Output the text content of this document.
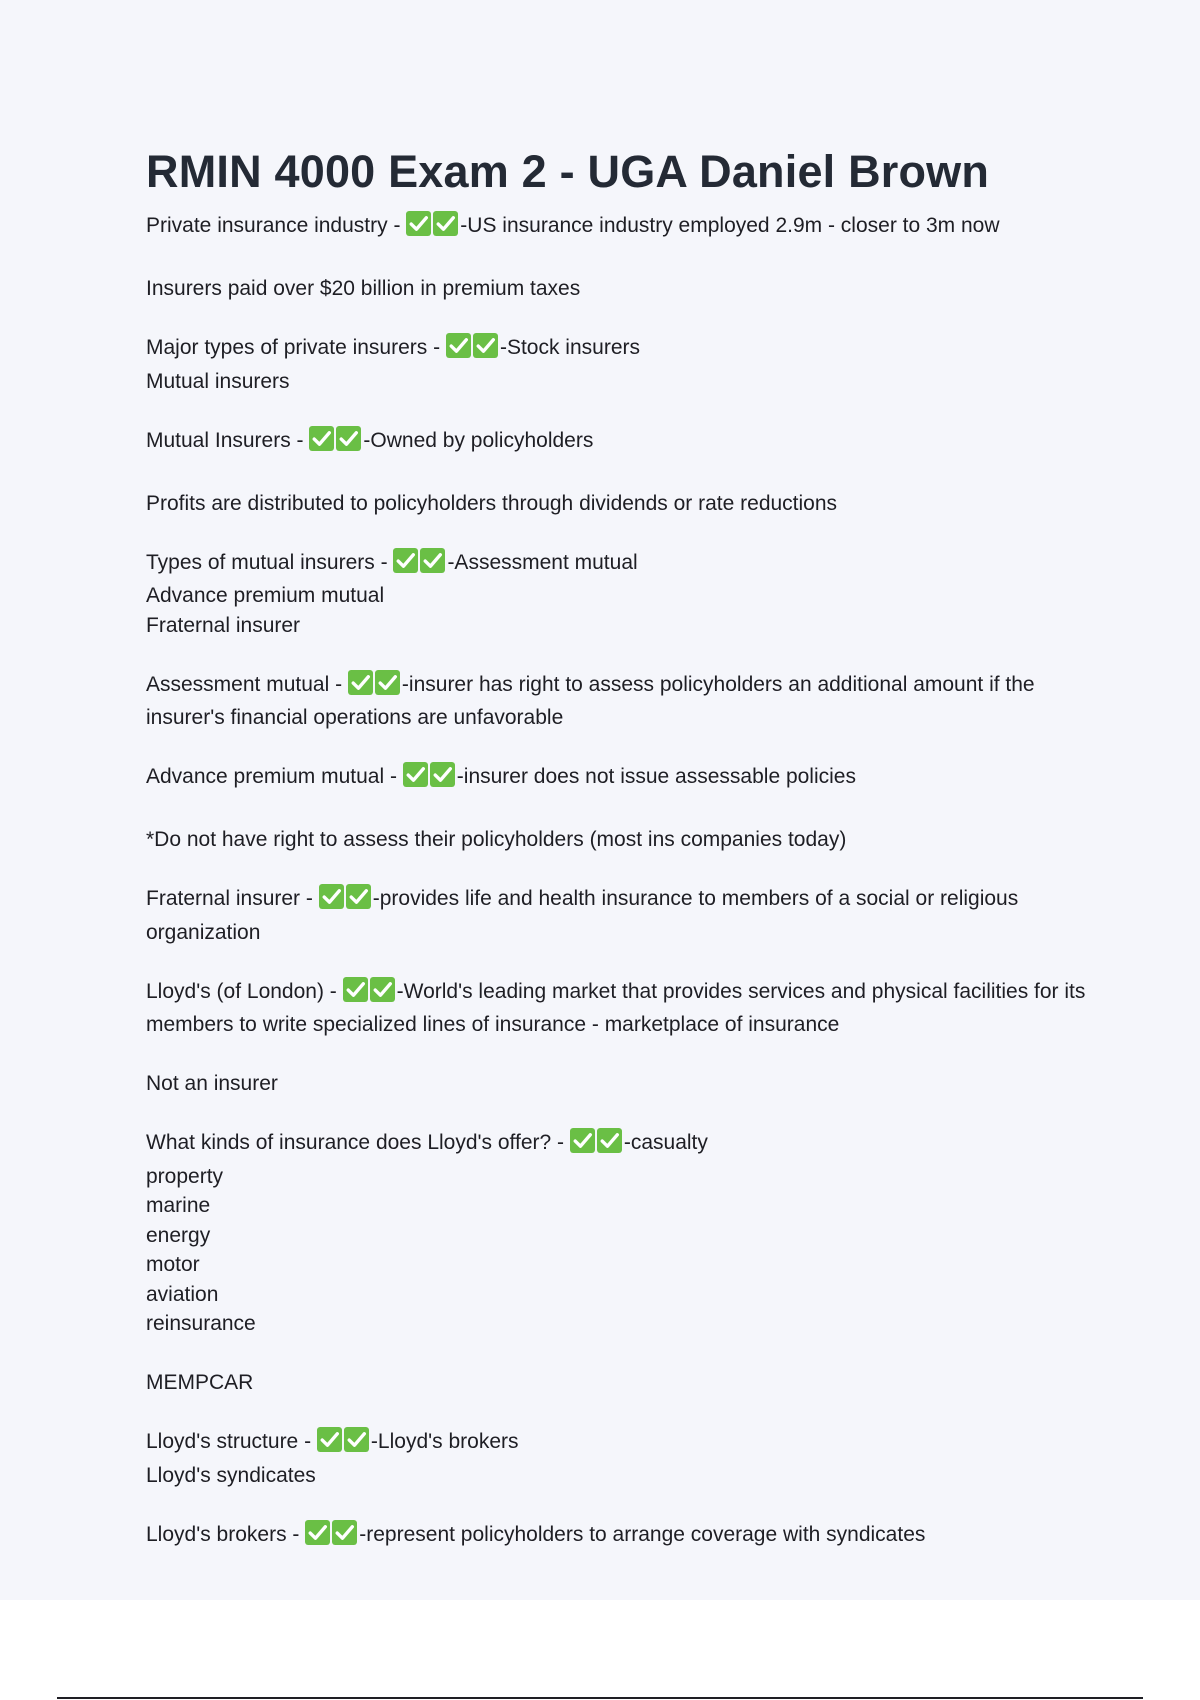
RMIN 4000 Exam 2 - UGA Daniel Brown
Private insurance industry -	-US insurance industry employed 2.9m - closer to 3m now
Insurers paid over $20 billion in premium taxes
Major types of private insurers -	-Stock insurers
Mutual insurers
Mutual Insurers -	-Owned by policyholders
Profits are distributed to policyholders through dividends or rate reductions
Types of mutual insurers -	-Assessment mutual
Advance premium mutual
Fraternal insurer
Assessment mutual -	-insurer has right to assess policyholders an additional amount if the insurer's financial operations are unfavorable
Advance premium mutual -	-insurer does not issue assessable policies
*Do not have right to assess their policyholders (most ins companies today)
Fraternal insurer -	-provides life and health insurance to members of a social or religious organization
Lloyd's (of London) -	-World's leading market that provides services and physical facilities for its members to write specialized lines of insurance - marketplace of insurance
Not an insurer
What kinds of insurance does Lloyd's offer? -	-casualty
property
marine
energy
motor
aviation
reinsurance
MEMPCAR
Lloyd's structure -	-Lloyd's brokers
Lloyd's syndicates
Lloyd's brokers -	-represent policyholders to arrange coverage with syndicates
